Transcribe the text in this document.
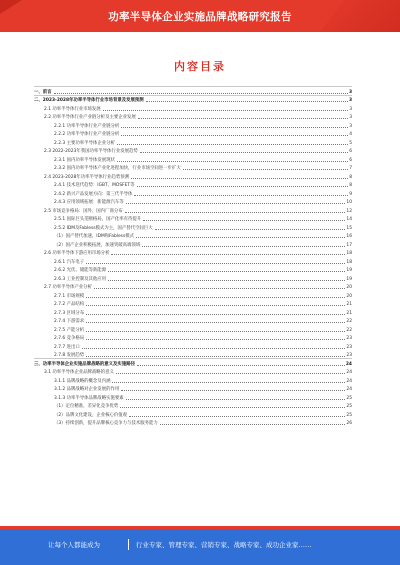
功率半导体企业实施品牌战略研究报告
内容目录
一、前言	3
二、2023-2028年功率半导体行业市场背景及发展预测	3
2.1 功率半导体行业市场发展	3
2.2 功率半导体行业产业链分析及主要企业发展	3
2.2.1 功率半导体行业产业链分析	3
2.2.2 功率半导体行业产业链分析	4
2.2.3 主要功率半导体企业分析	5
2.3 2022-2023年我国功率半导体行业发展趋势	6
2.3.1 国内功率半导体发展现状	6
2.3.2 国内功率半导体产业化进程加快，行业市场空间进一步扩大	7
2.4 2023-2028年功率半导体行业趋势预测	8
2.4.1 技术迭代趋势：IGBT、MOSFET等	8
2.4.2 新兴产品发展方向：第三代半导体	9
2.4.3 应用领域拓展：新能源汽车等	10
2.5 市场竞争格局：国外、国内厂商分布	12
2.5.1 国际巨头垄断格局，国产化率有待提升	14
2.5.2 IDM及Fabless模式为主，国产替代空间巨大	15
（1）国产替代加速，IDM和Fabless模式	16
（2）国产企业积极拓展，加速突破高端领域	17
2.6 功率半导体下游应用市场分析	18
2.6.1 汽车电子	18
2.6.2 光伏、储能等新能源	19
2.6.3 工业控制及其他应用	19
2.7 功率半导体产业分析	20
2.7.1 市场规模	20
2.7.2 产品结构	21
2.7.3 区域分布	21
2.7.4 下游需求	22
2.7.5 产能分析	22
2.7.6 竞争格局	23
2.7.7 进出口	23
2.7.8 发展趋势	23
三、功率半导体企业实施品牌战略的意义及实施路径	24
3.1 功率半导体企业品牌战略的意义	24
3.1.1 品牌战略的概念及内涵	24
3.1.2 品牌战略对企业发展的作用	24
3.1.3 功率半导体品牌战略实施要素	25
（1）定位精准，差异化竞争优势	25
（2）品牌文化建设，企业核心价值观	25
（3）持续创新，提升品牌核心竞争力与技术服务能力	26
让每个人都能成为	行业专家、管理专家、营销专家、战略专家、成功企业家……
